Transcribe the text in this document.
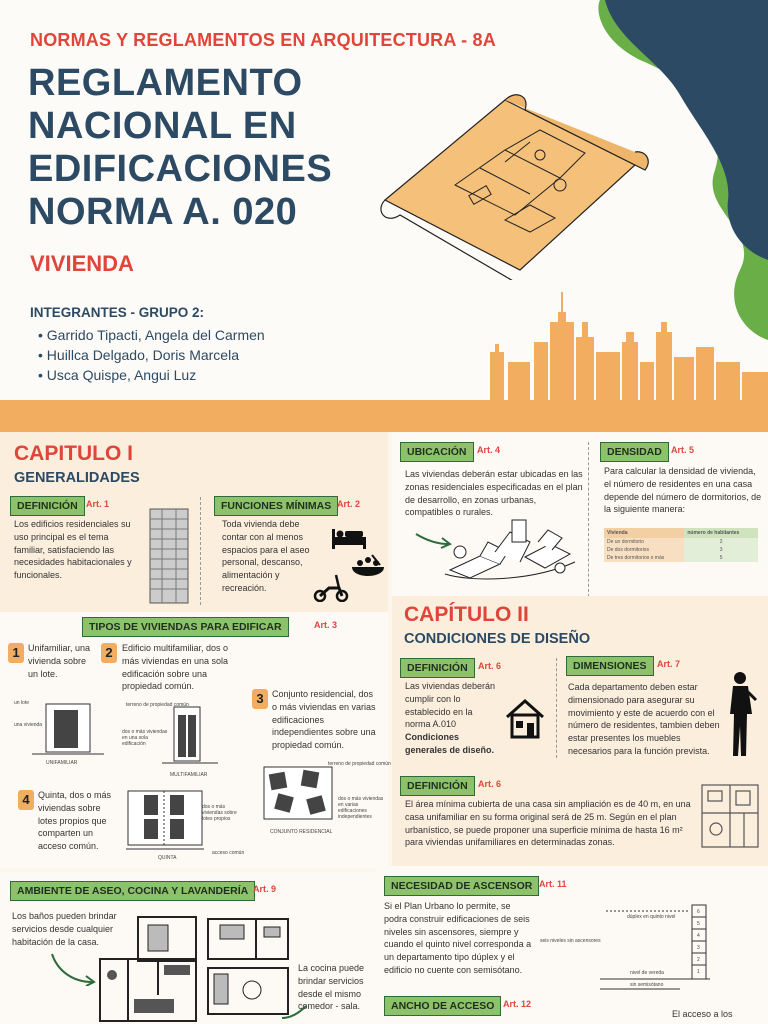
NORMAS Y REGLAMENTOS EN ARQUITECTURA - 8A
REGLAMENTO
NACIONAL EN
EDIFICACIONES
NORMA A. 020
VIVIENDA
INTEGRANTES - GRUPO 2:
• Garrido Tipacti, Angela del Carmen
• Huillca Delgado, Doris Marcela
• Usca Quispe, Angui Luz
CAPITULO I
GENERALIDADES
DEFINICIÓN Art. 1
Los edificios residenciales su uso principal es el tema familiar, satisfaciendo las necesidades habitacionales y funcionales.
FUNCIONES MÍNIMAS Art. 2
Toda vivienda debe contar con al menos espacios para el aseo personal, descanso, alimentación y recreación.
UBICACIÓN	Art. 4
Las viviendas deberán estar ubicadas en las zonas residenciales especificadas en el plan de desarrollo, en zonas urbanas, compatibles o rurales.
DENSIDAD	Art. 5
Para calcular la densidad de vivienda, el número de residentes en una casa depende del número de dormitorios, de la siguiente manera:
Vivienda	número de habitantes
De un dormitorio	2
De dos dormitorios	3
De tres dormitorios o más	5
TIPOS DE VIVIENDAS PARA EDIFICAR	Art. 3
1 Unifamiliar, una vivienda sobre un lote.
2	Edificio multifamiliar, dos o más viviendas en una sola edificación sobre una propiedad común.
3 Conjunto residencial, dos o más viviendas en varias edificaciones independientes sobre una propiedad común.
4 Quinta, dos o más viviendas sobre lotes propios que comparten un acceso común.
un lote
una vivienda
UNIFAMILIAR
terreno de propiedad común
dos o más viviendas en una sola edificación
MULTIFAMILIAR
terreno de propiedad común
dos o más viviendas en varias edificaciones independientes
CONJUNTO RESIDENCIAL
dos o más viviendas sobre lotes propios
acceso común
QUINTA
CAPÍTULO II
CONDICIONES DE DISEÑO
DEFINICIÓN	Art. 6
Las viviendas deberán cumplir con lo establecido en la norma A.010 Condiciones generales de diseño.
DIMENSIONES	Art. 7
Cada departamento deben estar dimensionado para asegurar su movimiento y este de acuerdo con el número de residentes, tambien deben estar presentes los muebles necesarios para la función prevista.
DEFINICIÓN	Art. 6
El área mínima cubierta de una casa sin ampliación es de 40 m, en una casa unifamiliar en su forma original será de 25 m. Según en el plan urbanístico, se puede proponer una superficie mínima de hasta 16 m² para viviendas unifamiliares en determinadas zonas.
AMBIENTE DE ASEO, COCINA Y LAVANDERÍA Art. 9
Los baños pueden brindar servicios desde cualquier habitación de la casa.
La cocina puede brindar servicios desde el mismo comedor - sala.
NECESIDAD DE ASCENSOR Art. 11
Si el Plan Urbano lo permite, se podra construir edificaciones de seis niveles sin ascensores, siempre y cuando el quinto nivel corresponda a un departamento tipo dúplex y el edificio no cuente con semisótano.
6
5
4
3
2
1
dúplex en quinto nivel
seis niveles sin ascensores
nivel de vereda
sin semisótano
ANCHO DE ACCESO Art. 12
El acceso a los
